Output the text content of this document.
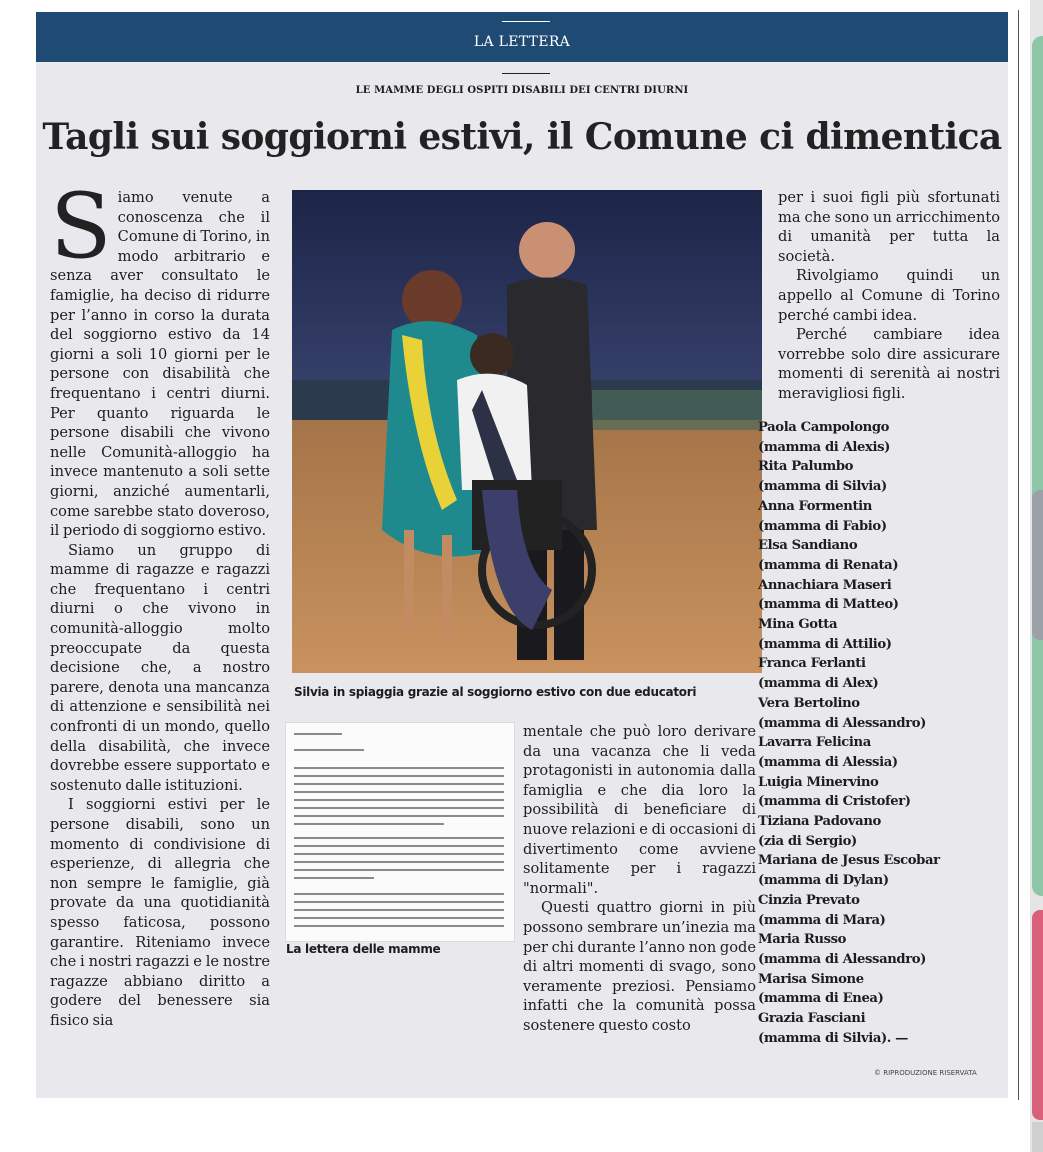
LA LETTERA
LE MAMME DEGLI OSPITI DISABILI DEI CENTRI DIURNI
Tagli sui soggiorni estivi, il Comune ci dimentica

Siamo venute a conoscenza che il Comune di Torino, in modo arbitrario e senza aver consultato le famiglie, ha deciso di ridurre per l’anno in corso la durata del soggiorno estivo da 14 giorni a soli 10 giorni per le persone con disabilità che frequentano i centri diurni. Per quanto riguarda le persone disabili che vivono nelle Comunità-alloggio ha invece mantenuto a soli sette giorni, anziché aumentarli, come sarebbe stato doveroso, il periodo di soggiorno estivo.

Siamo un gruppo di mamme di ragazze e ragazzi che frequentano i centri diurni o che vivono in comunità-alloggio molto preoccupate da questa decisione che, a nostro parere, denota una mancanza di attenzione e sensibilità nei confronti di un mondo, quello della disabilità, che invece dovrebbe essere supportato e sostenuto dalle istituzioni.

I soggiorni estivi per le persone disabili, sono un momento di condivisione di esperienze, di allegria che non sempre le famiglie, già provate da una quotidianità spesso faticosa, possono garantire. Riteniamo invece che i nostri ragazzi e le nostre ragazze abbiano diritto a godere del benessere sia fisico sia

Silvia in spiaggia grazie al soggiorno estivo con due educatori
La lettera delle mamme

mentale che può loro derivare da una vacanza che li veda protagonisti in autonomia dalla famiglia e che dia loro la possibilità di beneficiare di nuove relazioni e di occasioni di divertimento come avviene solitamente per i ragazzi "normali".

Questi quattro giorni in più possono sembrare un’inezia ma per chi durante l’anno non gode di altri momenti di svago, sono veramente preziosi. Pensiamo infatti che la comunità possa sostenere questo costo

per i suoi figli più sfortunati ma che sono un arricchimento di umanità per tutta la società.

Rivolgiamo quindi un appello al Comune di Torino perché cambi idea.

Perché cambiare idea vorrebbe solo dire assicurare momenti di serenità ai nostri meravigliosi figli.

© RIPRODUZIONE RISERVATA
Paola Campolongo
(mamma di Alexis)
Rita Palumbo
(mamma di Silvia)
Anna Formentin
(mamma di Fabio)
Elsa Sandiano
(mamma di Renata)
Annachiara Maseri
(mamma di Matteo)
Mina Gotta
(mamma di Attilio)
Franca Ferlanti
(mamma di Alex)
Vera Bertolino
(mamma di Alessandro)
Lavarra Felicina
(mamma di Alessia)
Luigia Minervino
(mamma di Cristofer)
Tiziana Padovano
(zia di Sergio)
Mariana de Jesus Escobar
(mamma di Dylan)
Cinzia Prevato
(mamma di Mara)
Maria Russo
(mamma di Alessandro)
Marisa Simone
(mamma di Enea)
Grazia Fasciani
(mamma di Silvia). —
